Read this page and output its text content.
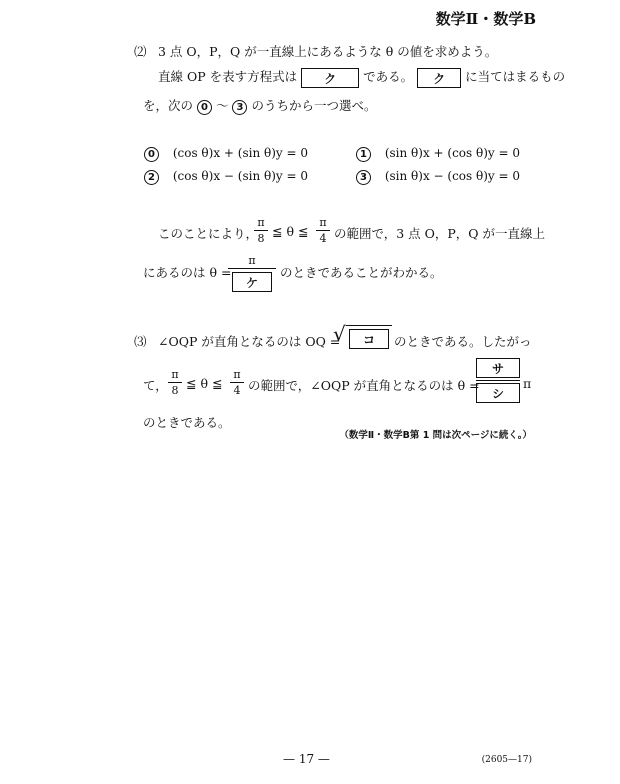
数学Ⅱ・数学B
⑵ 3 点 O，P，Q が一直線上にあるような θ の値を求めよう。
直線 OP を表す方程式は ク である。 ク に当てはまるもの
を，次の 0 ～ 3 のうちから一つ選べ。
0 (cos θ)x + (sin θ)y = 0	1 (sin θ)x + (cos θ)y = 0
2 (cos θ)x − (sin θ)y = 0	3 (sin θ)x − (cos θ)y = 0
このことにより，
π
8 ≦ θ ≦
π
4 の範囲で，3 点 O，P，Q が一直線上
にあるのは θ =
π
ケ
のときであることがわかる。
⑶ ∠OQP が直角となるのは OQ =
√	コ	のときである。したがっ
て，
π
8 ≦ θ ≦
π
4 の範囲で，∠OQP が直角となるのは θ =
サ
シ
π
のときである。
（数学Ⅱ・数学B第 1 問は次ページに続く。）
— 17 —	(2605—17)
